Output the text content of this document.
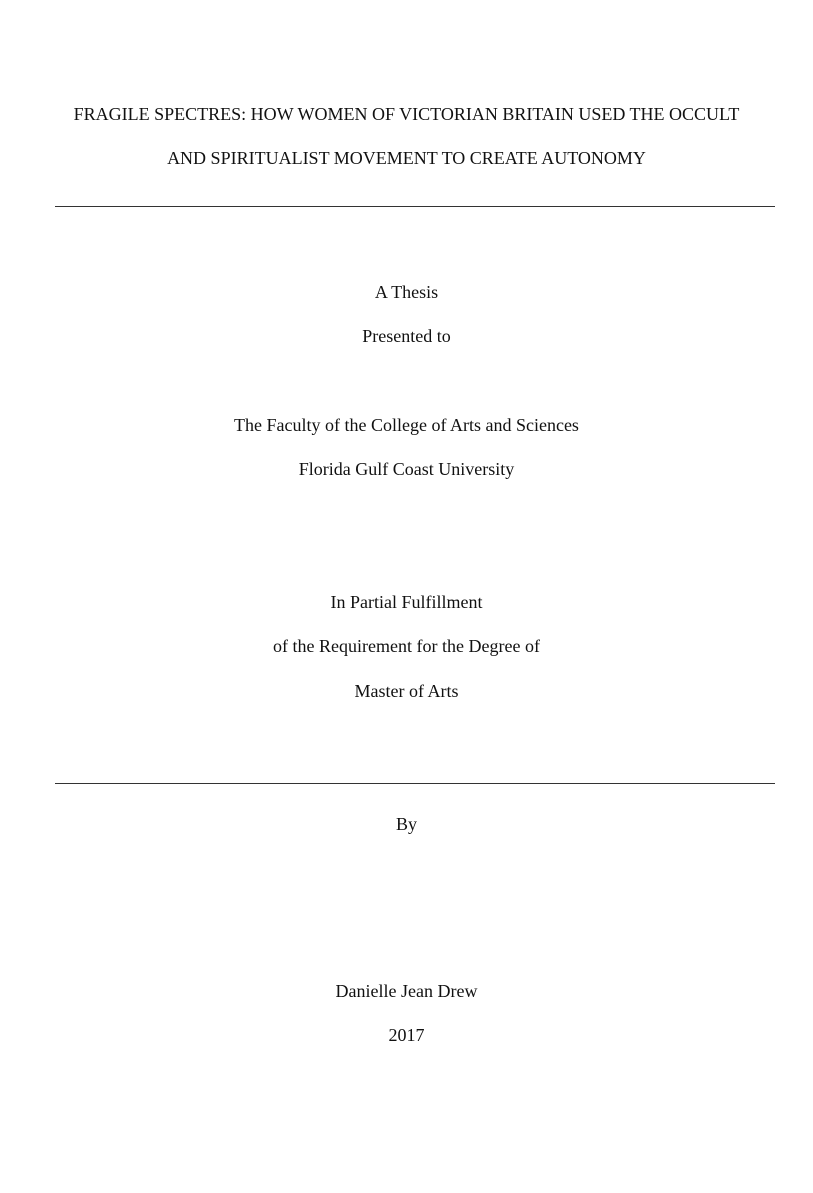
FRAGILE SPECTRES: HOW WOMEN OF VICTORIAN BRITAIN USED THE OCCULT
AND SPIRITUALIST MOVEMENT TO CREATE AUTONOMY
A Thesis
Presented to
The Faculty of the College of Arts and Sciences
Florida Gulf Coast University
In Partial Fulfillment
of the Requirement for the Degree of
Master of Arts
By
Danielle Jean Drew
2017
